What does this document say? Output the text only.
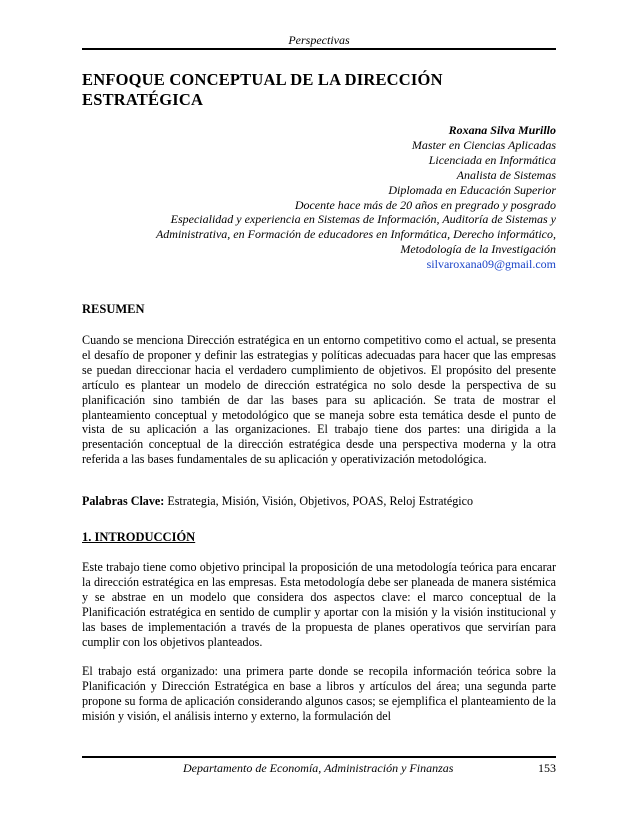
Perspectivas
ENFOQUE CONCEPTUAL DE LA DIRECCIÓN ESTRATÉGICA
Roxana Silva Murillo
Master en Ciencias Aplicadas
Licenciada en Informática
Analista de Sistemas
Diplomada en Educación Superior
Docente hace más de 20 años en pregrado y posgrado
Especialidad y experiencia en Sistemas de Información, Auditoría de Sistemas y
Administrativa, en Formación de educadores en Informática, Derecho informático,
Metodología de la Investigación
silvaroxana09@gmail.com
RESUMEN

Cuando se menciona Dirección estratégica en un entorno competitivo como el actual, se presenta el desafío de proponer y definir las estrategias y políticas adecuadas para hacer que las empresas se puedan direccionar hacia el verdadero cumplimiento de objetivos. El propósito del presente artículo es plantear un modelo de dirección estratégica no solo desde la perspectiva de su planificación sino también de dar las bases para su aplicación. Se trata de mostrar el planteamiento conceptual y metodológico que se maneja sobre esta temática desde el punto de vista de su aplicación a las organizaciones. El trabajo tiene dos partes: una dirigida a la presentación conceptual de la dirección estratégica desde una perspectiva moderna y la otra referida a las bases fundamentales de su aplicación y operativización metodológica.

Palabras Clave: Estrategia, Misión, Visión, Objetivos, POAS, Reloj Estratégico

1. INTRODUCCIÓN

Este trabajo tiene como objetivo principal la proposición de una metodología teórica para encarar la dirección estratégica en las empresas. Esta metodología debe ser planeada de manera sistémica y se abstrae en un modelo que considera dos aspectos clave: el marco conceptual de la Planificación estratégica en sentido de cumplir y aportar con la misión y la visión institucional y las bases de implementación a través de la propuesta de planes operativos que servirían para cumplir con los objetivos planteados.

El trabajo está organizado: una primera parte donde se recopila información teórica sobre la Planificación y Dirección Estratégica en base a libros y artículos del área; una segunda parte propone su forma de aplicación considerando algunos casos; se ejemplifica el planteamiento de la misión y visión, el análisis interno y externo, la formulación del

Departamento de Economía, Administración y Finanzas	153
